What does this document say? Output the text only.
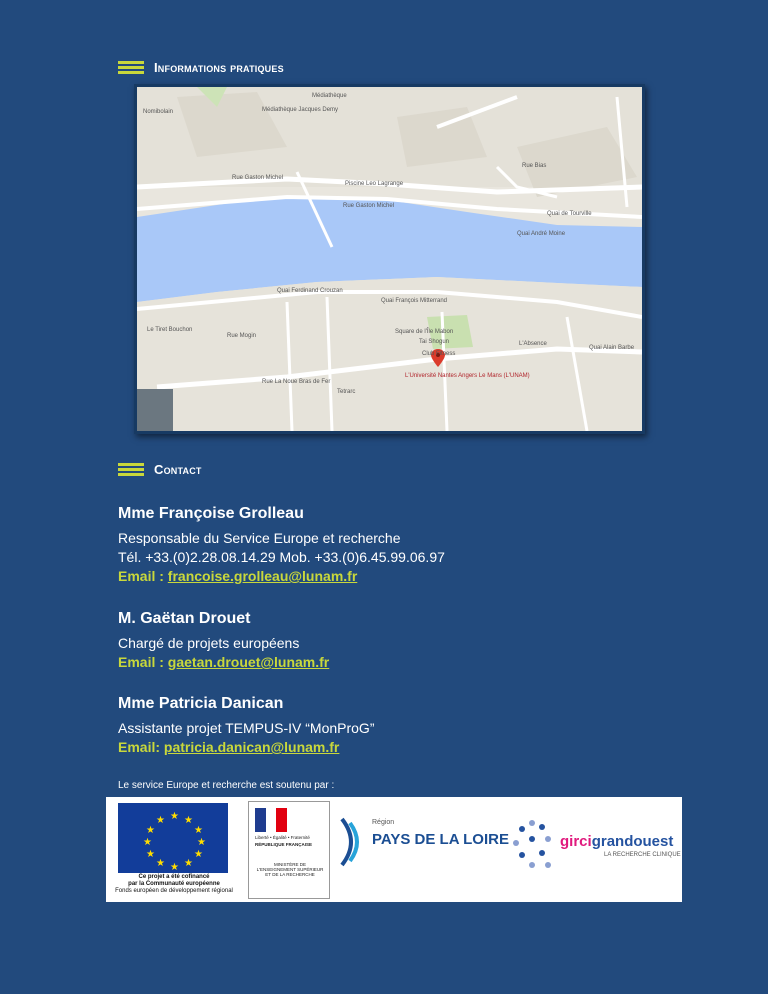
Informations pratiques
Médiathèque
Médiathèque Jacques Demy
Nomibolain
Rue Gaston Michel
Rue Gaston Michel
Piscine Leo Lagrange
Quai André Moine
Quai de Tourville
Quai Ferdinand Crouzan
Quai François Mitterrand
Rue Mogin
Square de l'Île Mabon
Tai Shogun
Club Fitness
L'Absence
Quai Alain Barbe
L'Université Nantes Angers Le Mans (L'UNAM)
Rue La Noue Bras de Fer
Tetrarc
Le Tiret Bouchon
Rue Bias
Contact
Mme Françoise Grolleau
Responsable du Service Europe et recherche
Tél. +33.(0)2.28.08.14.29 Mob. +33.(0)6.45.99.06.97
Email : francoise.grolleau@lunam.fr
M. Gaëtan Drouet
Chargé de projets européens
Email : gaetan.drouet@lunam.fr
Mme Patricia Danican
Assistante projet TEMPUS-IV “MonProG”
Email: patricia.danican@lunam.fr
Le service Europe et recherche est soutenu par :
★ ★
★
★
★
★
★
★
★
★
★
★
Ce projet a été cofinancé
par la Communauté européenne
Fonds européen de développement régional
Liberté • Égalité • Fraternité
RÉPUBLIQUE FRANÇAISE
MINISTÈRE DE L'ENSEIGNEMENT SUPÉRIEUR ET DE LA RECHERCHE
Région
PAYS DE LA LOIRE	gircigrandouest
LA RECHERCHE CLINIQUE
